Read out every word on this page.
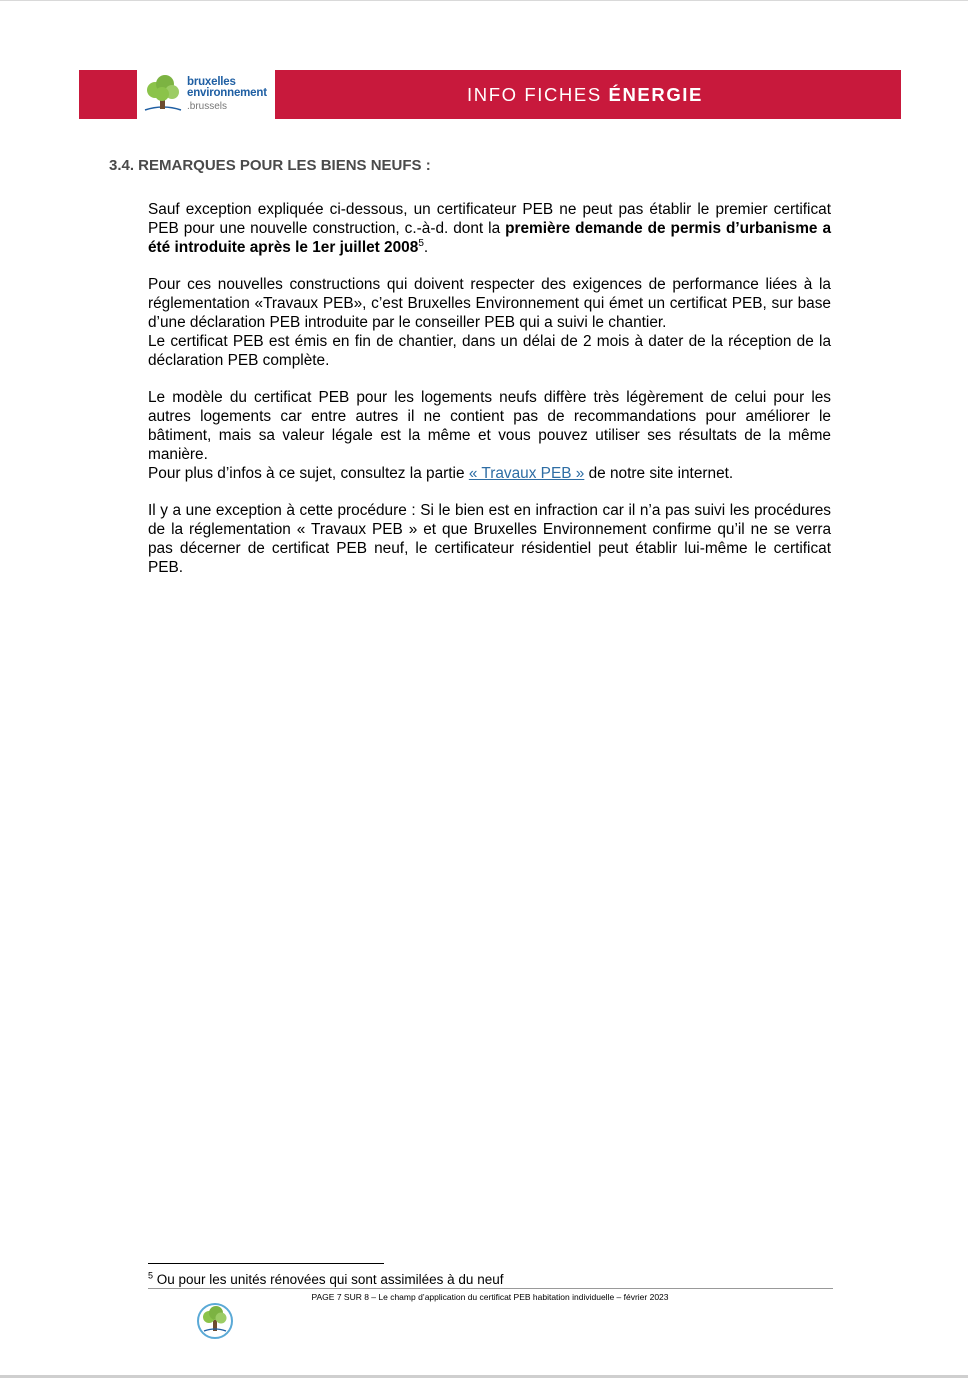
bruxelles
environnement
.brussels
INFO FICHES ÉNERGIE
3.4. REMARQUES POUR LES BIENS NEUFS :

Sauf exception expliquée ci-dessous, un certificateur PEB ne peut pas établir le premier certificat PEB pour une nouvelle construction, c.-à-d. dont la première demande de permis d’urbanisme a été introduite après le 1er juillet 2008$^5$.

Pour ces nouvelles constructions qui doivent respecter des exigences de performance liées à la réglementation «Travaux PEB», c’est Bruxelles Environnement qui émet un certificat PEB, sur base d’une déclaration PEB introduite par le conseiller PEB qui a suivi le chantier.
Le certificat PEB est émis en fin de chantier, dans un délai de 2 mois à dater de la réception de la déclaration PEB complète.

Le modèle du certificat PEB pour les logements neufs diffère très légèrement de celui pour les autres logements car entre autres il ne contient pas de recommandations pour améliorer le bâtiment, mais sa valeur légale est la même et vous pouvez utiliser ses résultats de la même manière.
Pour plus d’infos à ce sujet, consultez la partie « Travaux PEB » de notre site internet.

Il y a une exception à cette procédure : Si le bien est en infraction car il n’a pas suivi les procédures de la réglementation « Travaux PEB » et que Bruxelles Environnement confirme qu’il ne se verra pas décerner de certificat PEB neuf, le certificateur résidentiel peut établir lui-même le certificat PEB.

$^5$ Ou pour les unités rénovées qui sont assimilées à du neuf
PAGE 7 SUR 8 – Le champ d’application du certificat PEB habitation individuelle – février 2023
